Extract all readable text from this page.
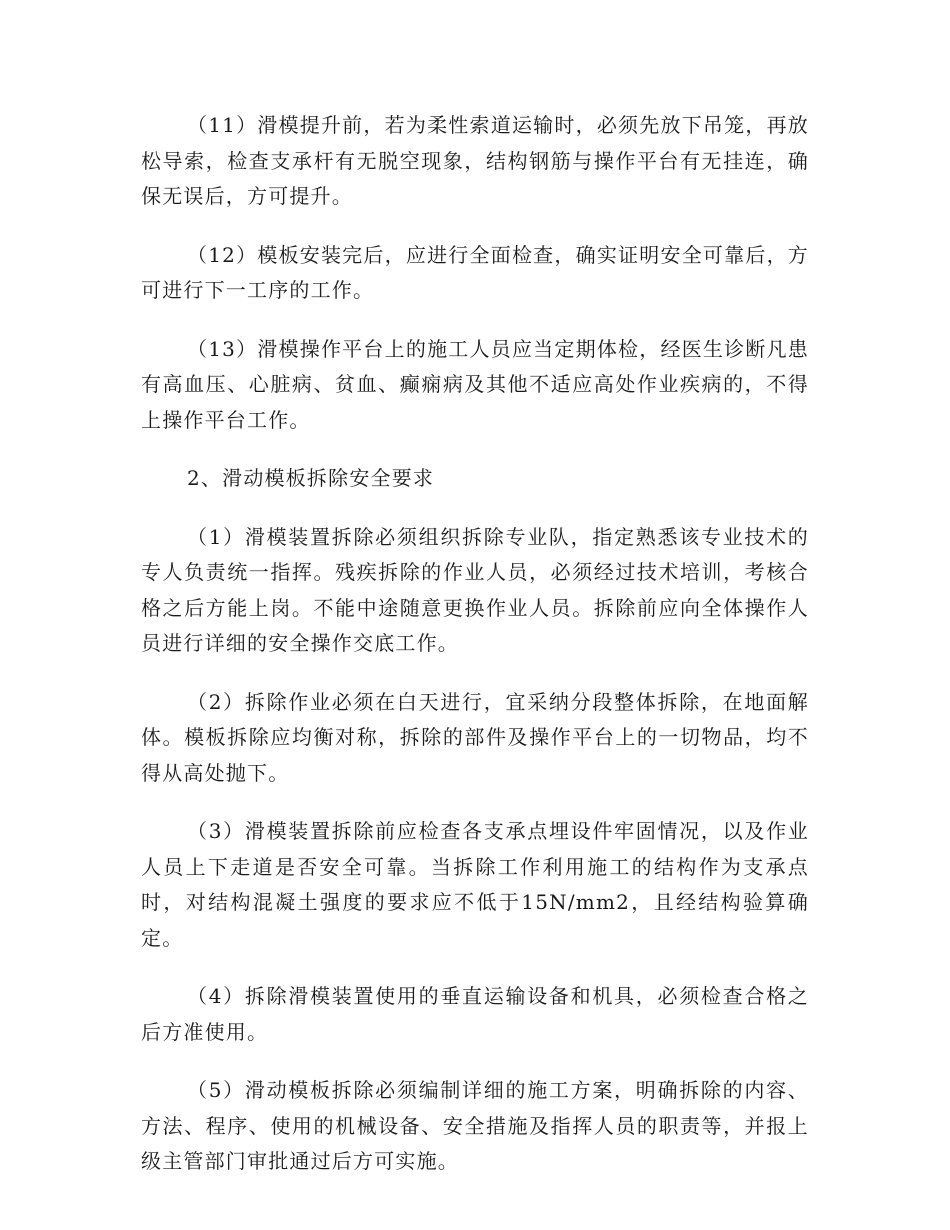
（11）滑模提升前，若为柔性索道运输时，必须先放下吊笼，再放松导索，检查支承杆有无脱空现象，结构钢筋与操作平台有无挂连，确保无误后，方可提升。

（12）模板安装完后，应进行全面检查，确实证明安全可靠后，方可进行下一工序的工作。

（13）滑模操作平台上的施工人员应当定期体检，经医生诊断凡患有高血压、心脏病、贫血、癫痫病及其他不适应高处作业疾病的，不得上操作平台工作。

2、滑动模板拆除安全要求

（1）滑模装置拆除必须组织拆除专业队，指定熟悉该专业技术的专人负责统一指挥。残疾拆除的作业人员，必须经过技术培训，考核合格之后方能上岗。不能中途随意更换作业人员。拆除前应向全体操作人员进行详细的安全操作交底工作。

（2）拆除作业必须在白天进行，宜采纳分段整体拆除，在地面解体。模板拆除应均衡对称，拆除的部件及操作平台上的一切物品，均不得从高处抛下。

（3）滑模装置拆除前应检查各支承点埋设件牢固情况，以及作业人员上下走道是否安全可靠。当拆除工作利用施工的结构作为支承点时，对结构混凝土强度的要求应不低于15N/mm2，且经结构验算确定。

（4）拆除滑模装置使用的垂直运输设备和机具，必须检查合格之后方准使用。

（5）滑动模板拆除必须编制详细的施工方案，明确拆除的内容、方法、程序、使用的机械设备、安全措施及指挥人员的职责等，并报上级主管部门审批通过后方可实施。
